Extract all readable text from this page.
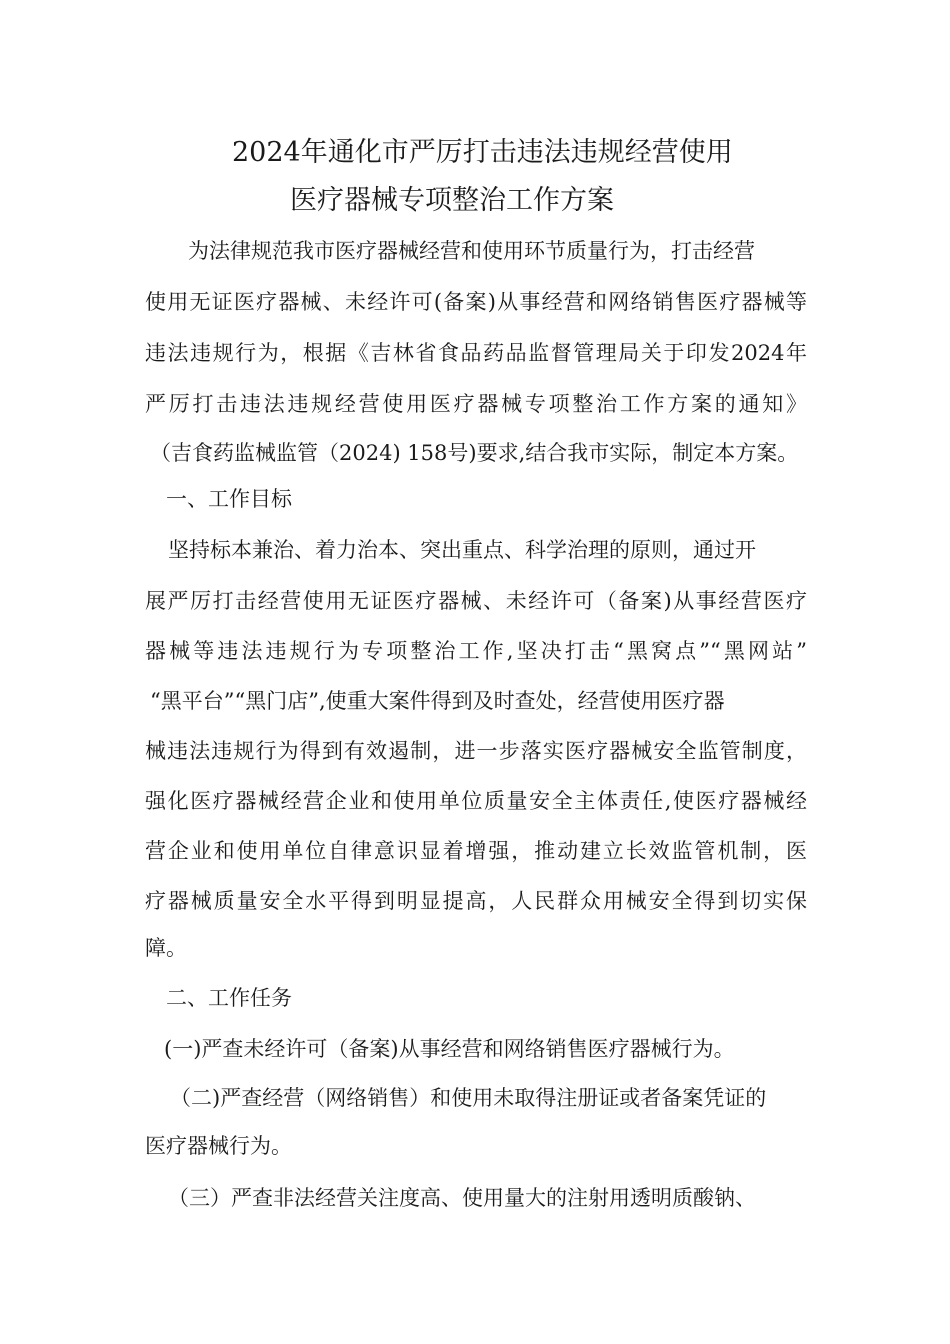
2024年通化市严厉打击违法违规经营使用
医疗器械专项整治工作方案
为法律规范我市医疗器械经营和使用环节质量行为，打击经营
使用无证医疗器械、未经许可(备案)从事经营和网络销售医疗器械等
违法违规行为，根据《吉林省食品药品监督管理局关于印发2024年
严厉打击违法违规经营使用医疗器械专项整治工作方案的通知》
（吉食药监械监管（2024) 158号)要求,结合我市实际，制定本方案。
一、工作目标
坚持标本兼治、着力治本、突出重点、科学治理的原则，通过开
展严厉打击经营使用无证医疗器械、未经许可（备案)从事经营医疗
器械等违法违规行为专项整治工作,坚决打击“黑窝点”“黑网站”
“黑平台”“黑门店”,使重大案件得到及时查处，经营使用医疗器
械违法违规行为得到有效遏制，进一步落实医疗器械安全监管制度，
强化医疗器械经营企业和使用单位质量安全主体责任,使医疗器械经
营企业和使用单位自律意识显着增强，推动建立长效监管机制，医
疗器械质量安全水平得到明显提高，人民群众用械安全得到切实保
障。
二、工作任务
(一)严查未经许可（备案)从事经营和网络销售医疗器械行为。
（二)严查经营（网络销售）和使用未取得注册证或者备案凭证的
医疗器械行为。
（三）严查非法经营关注度高、使用量大的注射用透明质酸钠、
